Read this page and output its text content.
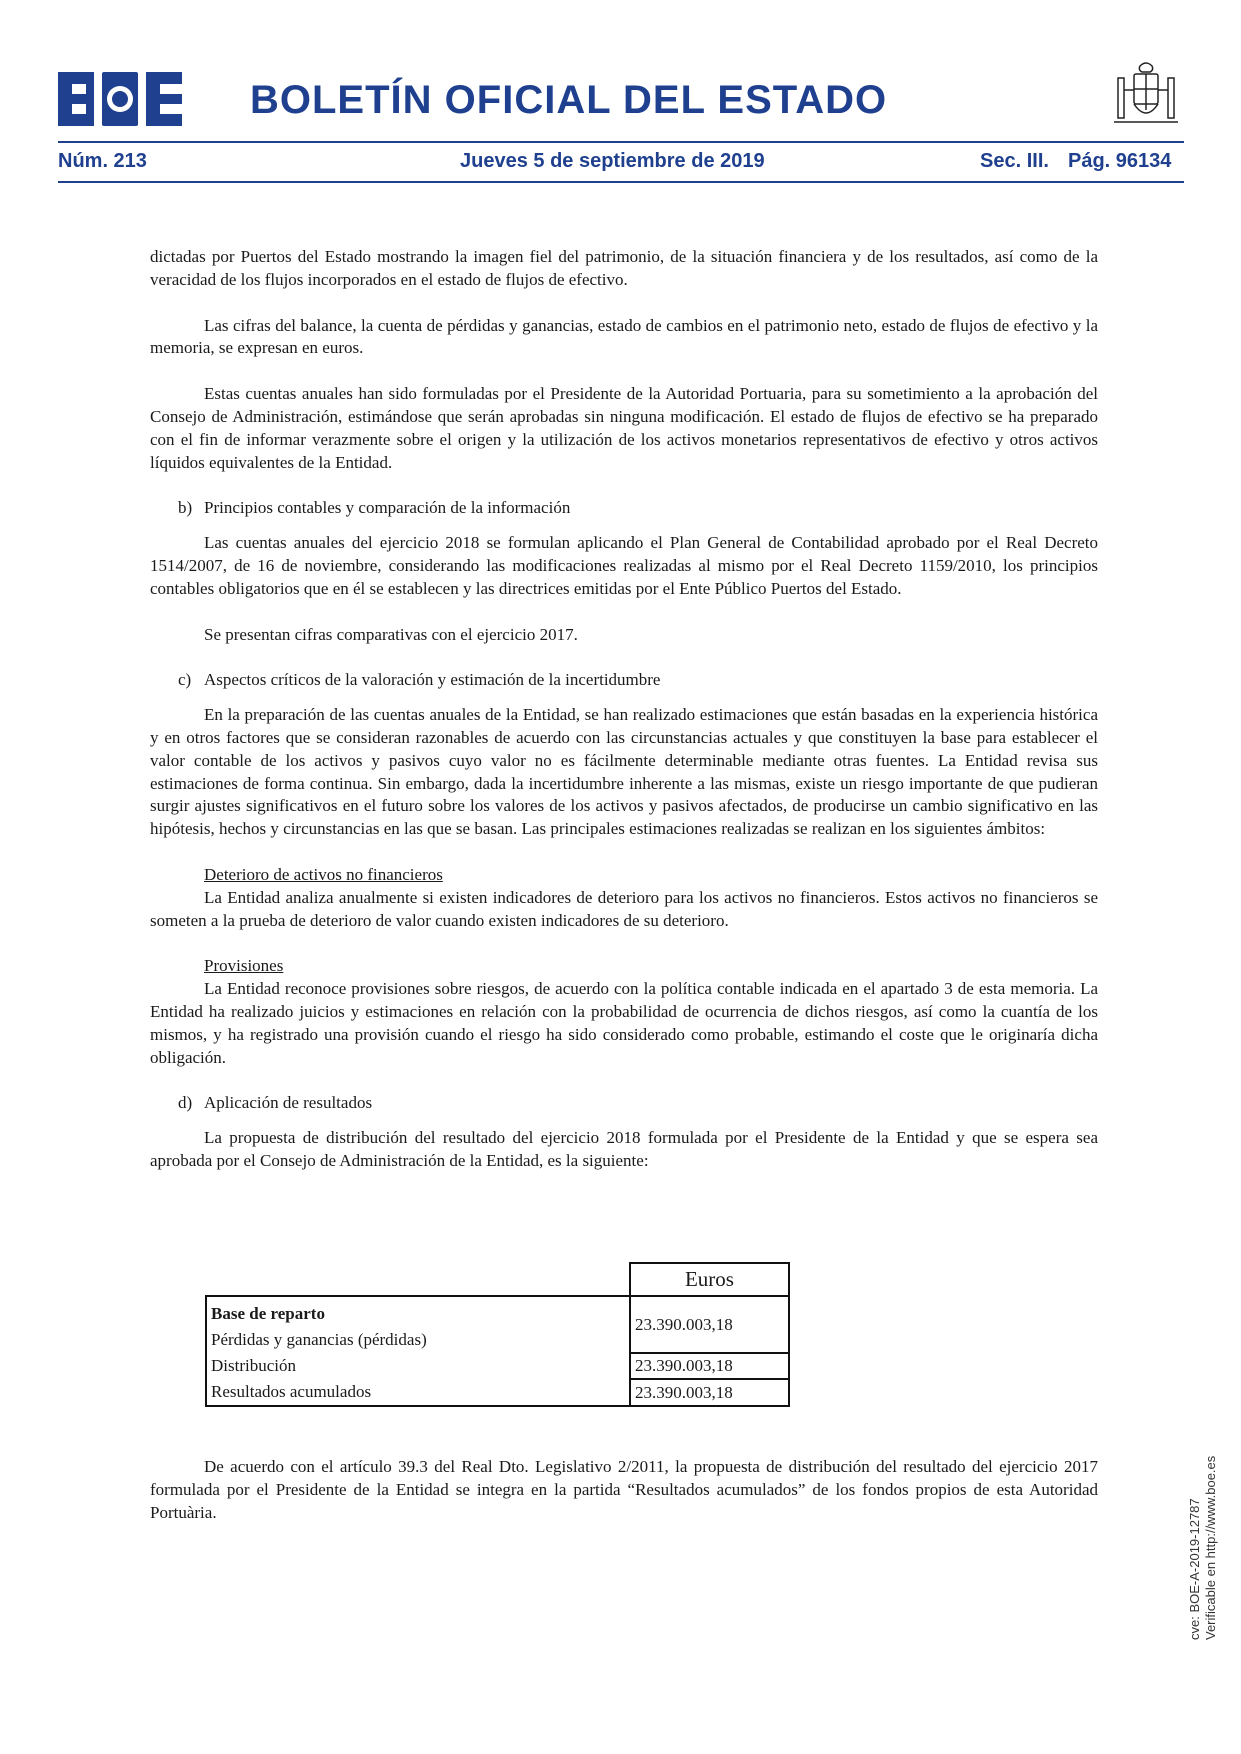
BOLETÍN OFICIAL DEL ESTADO
Núm. 213	Jueves 5 de septiembre de 2019	Sec. III. Pág. 96134

dictadas por Puertos del Estado mostrando la imagen fiel del patrimonio, de la situación financiera y de los resultados, así como de la veracidad de los flujos incorporados en el estado de flujos de efectivo.

Las cifras del balance, la cuenta de pérdidas y ganancias, estado de cambios en el patrimonio neto, estado de flujos de efectivo y la memoria, se expresan en euros.

Estas cuentas anuales han sido formuladas por el Presidente de la Autoridad Portuaria, para su sometimiento a la aprobación del Consejo de Administración, estimándose que serán aprobadas sin ninguna modificación. El estado de flujos de efectivo se ha preparado con el fin de informar verazmente sobre el origen y la utilización de los activos monetarios representativos de efectivo y otros activos líquidos equivalentes de la Entidad.

b) Principios contables y comparación de la información

Las cuentas anuales del ejercicio 2018 se formulan aplicando el Plan General de Contabilidad aprobado por el Real Decreto 1514/2007, de 16 de noviembre, considerando las modificaciones realizadas al mismo por el Real Decreto 1159/2010, los principios contables obligatorios que en él se establecen y las directrices emitidas por el Ente Público Puertos del Estado.

Se presentan cifras comparativas con el ejercicio 2017.

c) Aspectos críticos de la valoración y estimación de la incertidumbre

En la preparación de las cuentas anuales de la Entidad, se han realizado estimaciones que están basadas en la experiencia histórica y en otros factores que se consideran razonables de acuerdo con las circunstancias actuales y que constituyen la base para establecer el valor contable de los activos y pasivos cuyo valor no es fácilmente determinable mediante otras fuentes. La Entidad revisa sus estimaciones de forma continua. Sin embargo, dada la incertidumbre inherente a las mismas, existe un riesgo importante de que pudieran surgir ajustes significativos en el futuro sobre los valores de los activos y pasivos afectados, de producirse un cambio significativo en las hipótesis, hechos y circunstancias en las que se basan. Las principales estimaciones realizadas se realizan en los siguientes ámbitos:

Deterioro de activos no financieros

La Entidad analiza anualmente si existen indicadores de deterioro para los activos no financieros. Estos activos no financieros se someten a la prueba de deterioro de valor cuando existen indicadores de su deterioro.

Provisiones

La Entidad reconoce provisiones sobre riesgos, de acuerdo con la política contable indicada en el apartado 3 de esta memoria. La Entidad ha realizado juicios y estimaciones en relación con la probabilidad de ocurrencia de dichos riesgos, así como la cuantía de los mismos, y ha registrado una provisión cuando el riesgo ha sido considerado como probable, estimando el coste que le originaría dicha obligación.

d) Aplicación de resultados

La propuesta de distribución del resultado del ejercicio 2018 formulada por el Presidente de la Entidad y que se espera sea aprobada por el Consejo de Administración de la Entidad, es la siguiente:

	Euros

Base de reparto
Pérdidas y ganancias (pérdidas)	23.390.003,18
Distribución	23.390.003,18
Resultados acumulados	23.390.003,18

De acuerdo con el artículo 39.3 del Real Dto. Legislativo 2/2011, la propuesta de distribución del resultado del ejercicio 2017 formulada por el Presidente de la Entidad se integra en la partida “Resultados acumulados” de los fondos propios de esta Autoridad Portuària.	cve: BOE-A-2019-12787 Verificable en http://www.boe.es
